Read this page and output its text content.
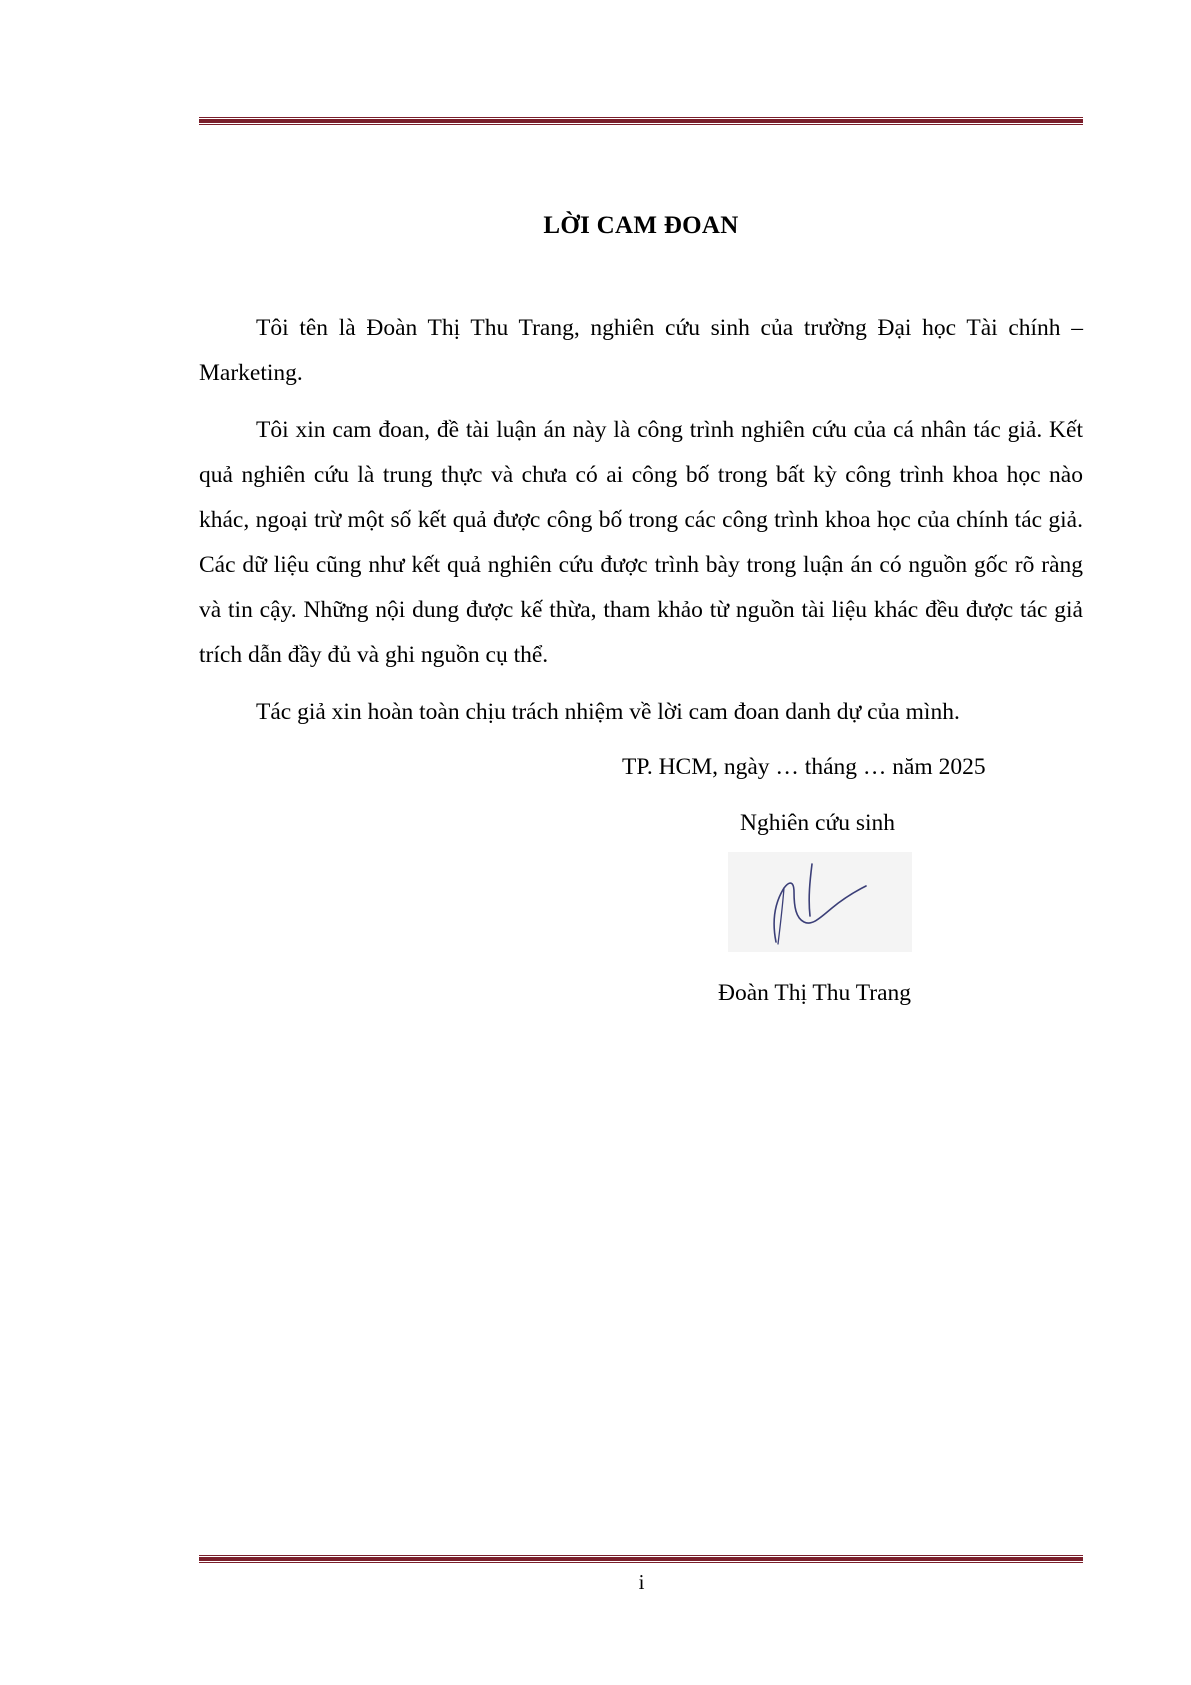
LỜI CAM ĐOAN

Tôi tên là Đoàn Thị Thu Trang, nghiên cứu sinh của trường Đại học Tài chính – Marketing.

Tôi xin cam đoan, đề tài luận án này là công trình nghiên cứu của cá nhân tác giả. Kết quả nghiên cứu là trung thực và chưa có ai công bố trong bất kỳ công trình khoa học nào khác, ngoại trừ một số kết quả được công bố trong các công trình khoa học của chính tác giả. Các dữ liệu cũng như kết quả nghiên cứu được trình bày trong luận án có nguồn gốc rõ ràng và tin cậy. Những nội dung được kế thừa, tham khảo từ nguồn tài liệu khác đều được tác giả trích dẫn đầy đủ và ghi nguồn cụ thể.

Tác giả xin hoàn toàn chịu trách nhiệm về lời cam đoan danh dự của mình.

TP. HCM, ngày … tháng … năm 2025
Nghiên cứu sinh
Đoàn Thị Thu Trang
i
